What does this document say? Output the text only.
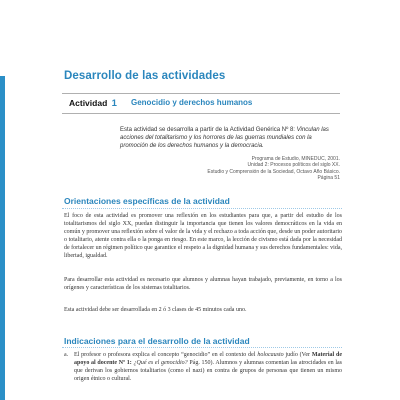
Desarrollo de las actividades
Actividad 1 Genocidio y derechos humanos
Esta actividad se desarrolla a partir de la Actividad Genérica Nº 8: Vinculan las acciones del totalitarismo y los horrores de las guerras mundiales con la promoción de los derechos humanos y la democracia.
Programa de Estudio, MINEDUC, 2001.
Unidad 2: Procesos políticos del siglo XX.
Estudio y Comprensión de la Sociedad, Octavo Año Básico.
Página 51
Orientaciones específicas de la actividad
El foco de esta actividad es promover una reflexión en los estudiantes para que, a partir del estudio de los totalitarismos del siglo XX, puedan distinguir la importancia que tienen los valores democráticos en la vida en común y promover una reflexión sobre el valor de la vida y el rechazo a toda acción que, desde un poder autoritario o totalitario, atente contra ella o la ponga en riesgo. En este marco, la lección de civismo está dada por la necesidad de fortalecer un régimen político que garantice el respeto a la dignidad humana y sus derechos fundamentales: vida, libertad, igualdad.
Para desarrollar esta actividad es necesario que alumnos y alumnas hayan trabajado, previamente, en torno a los orígenes y características de los sistemas totalitarios.
Esta actividad debe ser desarrollada en 2 ó 3 clases de 45 minutos cada uno.
Indicaciones para el desarrollo de la actividad
a. El profesor o profesora explica el concepto “genocidio” en el contexto del holocausto judío (Ver Material de apoyo al docente Nº 1: ¿Qué es el genocidio? Pág. 150). Alumnos y alumnas comentan las atrocidades en las que derivan los gobiernos totalitarios (como el nazi) en contra de grupos de personas que tienen un mismo origen étnico o cultural.
